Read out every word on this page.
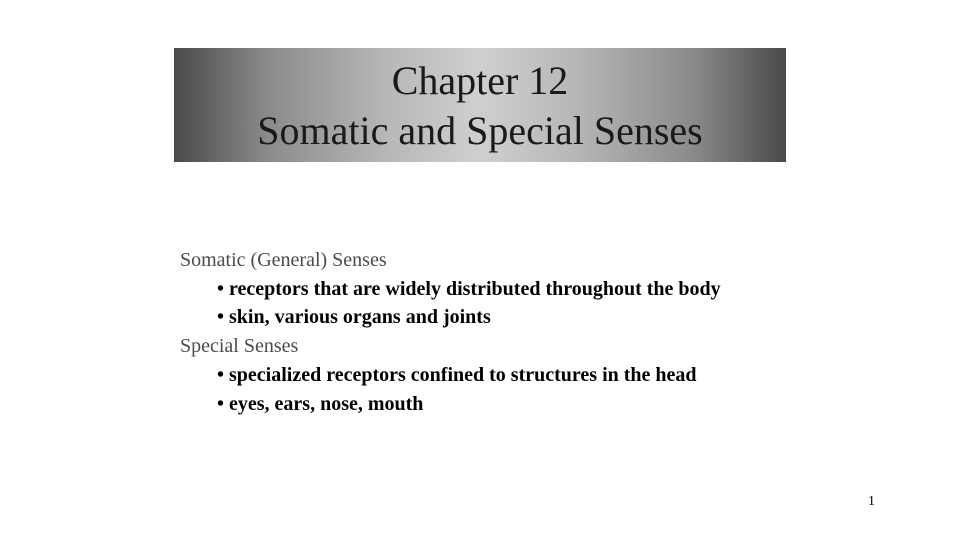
Chapter 12
Somatic and Special Senses

Somatic (General) Senses

• receptors that are widely distributed throughout the body

• skin, various organs and joints

Special Senses

• specialized receptors confined to structures in the head

• eyes, ears, nose, mouth

1
